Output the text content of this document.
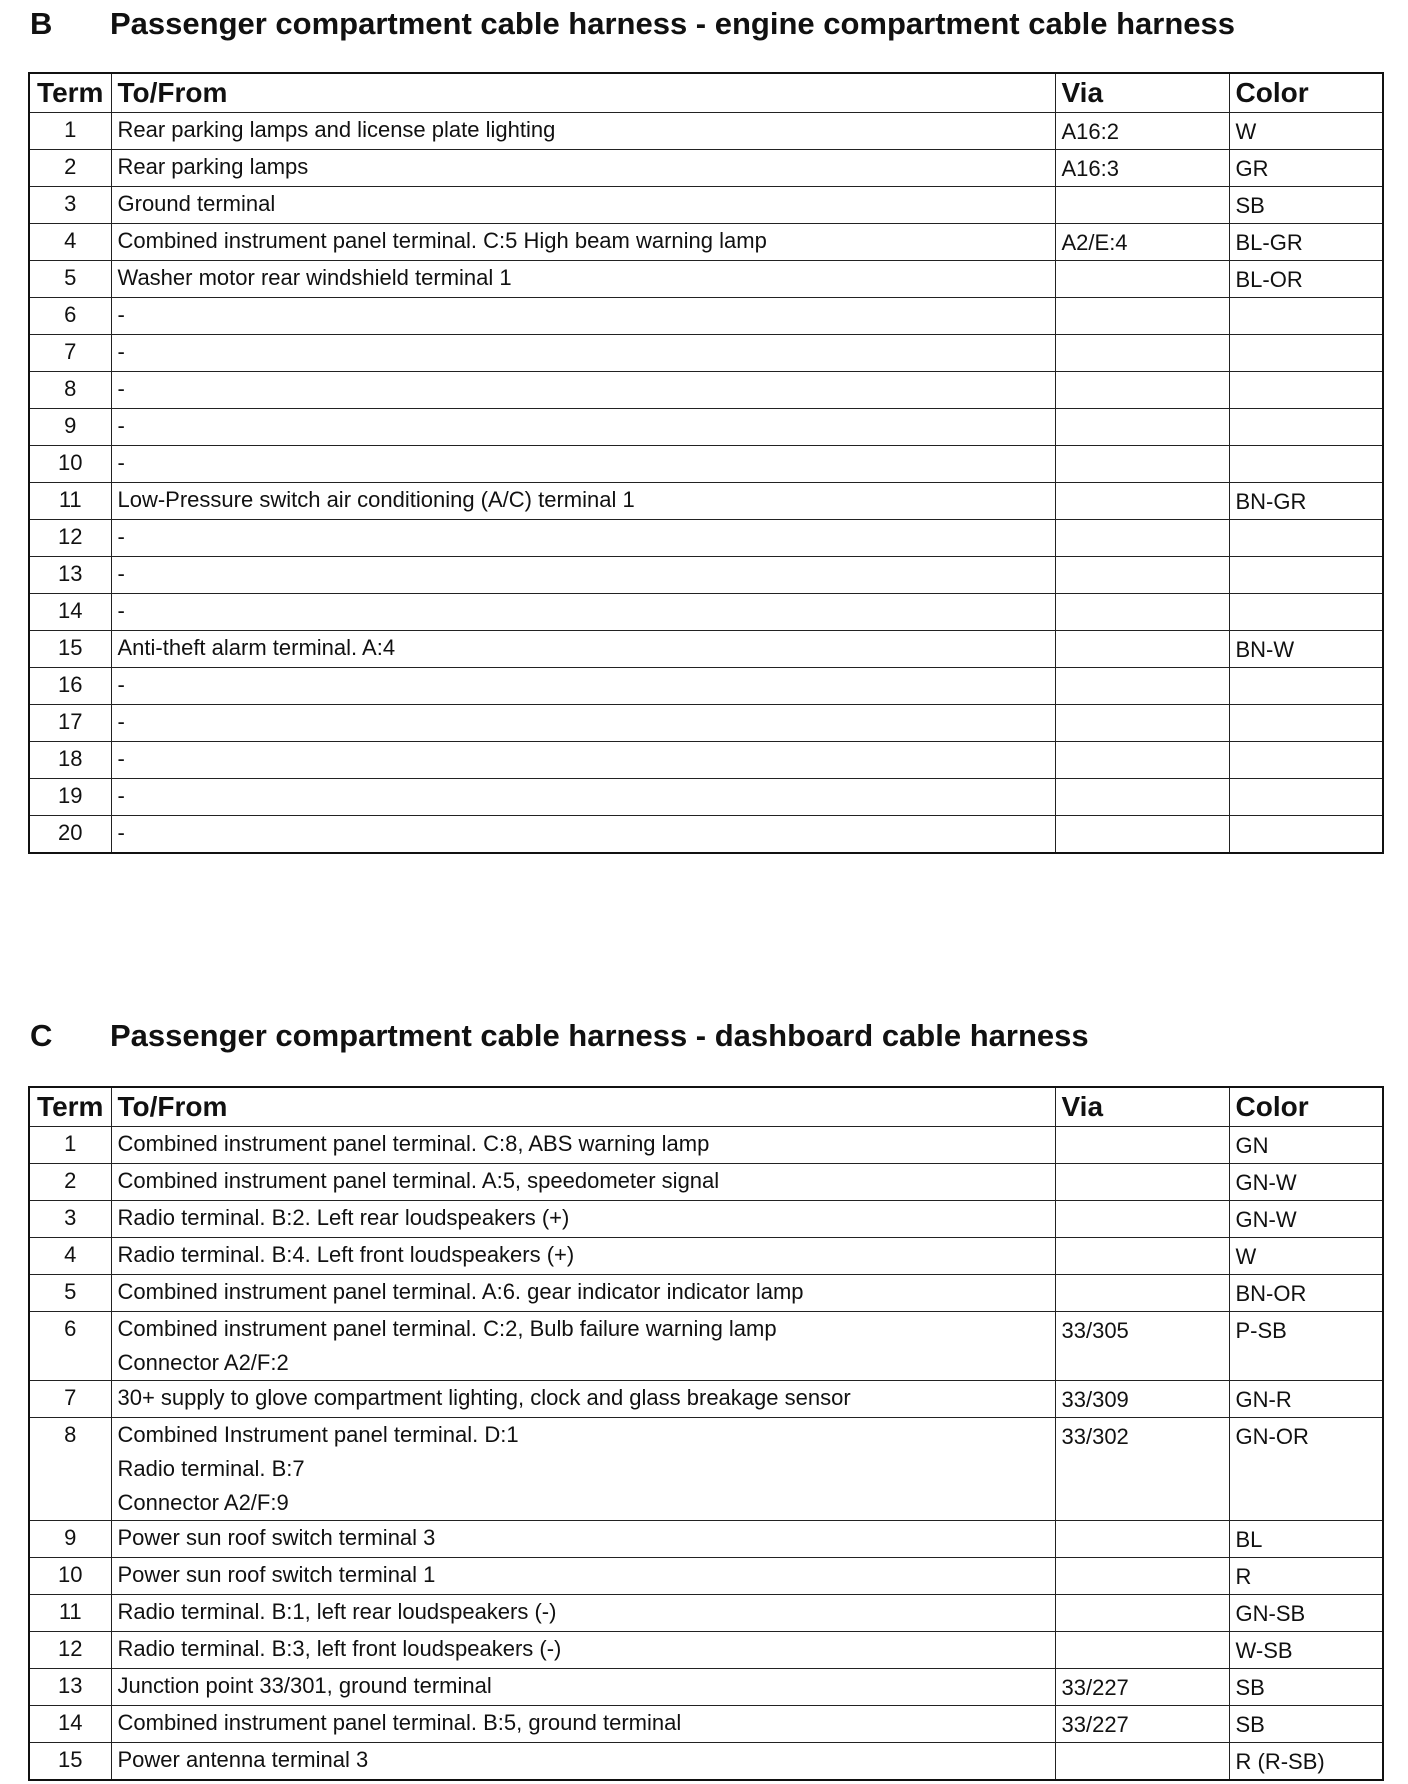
B Passenger compartment cable harness - engine compartment cable harness
Term	To/From	Via	Color
1	Rear parking lamps and license plate lighting	A16:2	W
2	Rear parking lamps	A16:3	GR
3	Ground terminal		SB
4	Combined instrument panel terminal. C:5 High beam warning lamp	A2/E:4	BL-GR
5	Washer motor rear windshield terminal 1		BL-OR
6	-		

7	-		

8	-		

9	-		

10	-		

11	Low-Pressure switch air conditioning (A/C) terminal 1		BN-GR
12	-		

13	-		

14	-		

15	Anti-theft alarm terminal. A:4		BN-W
16	-		

17	-		

18	-		

19	-		

20	-		

C Passenger compartment cable harness - dashboard cable harness
Term	To/From	Via	Color
1	Combined instrument panel terminal. C:8, ABS warning lamp		GN
2	Combined instrument panel terminal. A:5, speedometer signal		GN-W
3	Radio terminal. B:2. Left rear loudspeakers (+)		GN-W
4	Radio terminal. B:4. Left front loudspeakers (+)		W
5	Combined instrument panel terminal. A:6. gear indicator indicator lamp		BN-OR
6	Combined instrument panel terminal. C:2, Bulb failure warning lamp
Connector A2/F:2	33/305	P-SB
7	30+ supply to glove compartment lighting, clock and glass breakage sensor	33/309	GN-R
8	Combined Instrument panel terminal. D:1
Radio terminal. B:7
Connector A2/F:9	33/302	GN-OR
9	Power sun roof switch terminal 3		BL
10	Power sun roof switch terminal 1		R
11	Radio terminal. B:1, left rear loudspeakers (-)		GN-SB
12	Radio terminal. B:3, left front loudspeakers (-)		W-SB
13	Junction point 33/301, ground terminal	33/227	SB
14	Combined instrument panel terminal. B:5, ground terminal	33/227	SB
15	Power antenna terminal 3		R (R-SB)
